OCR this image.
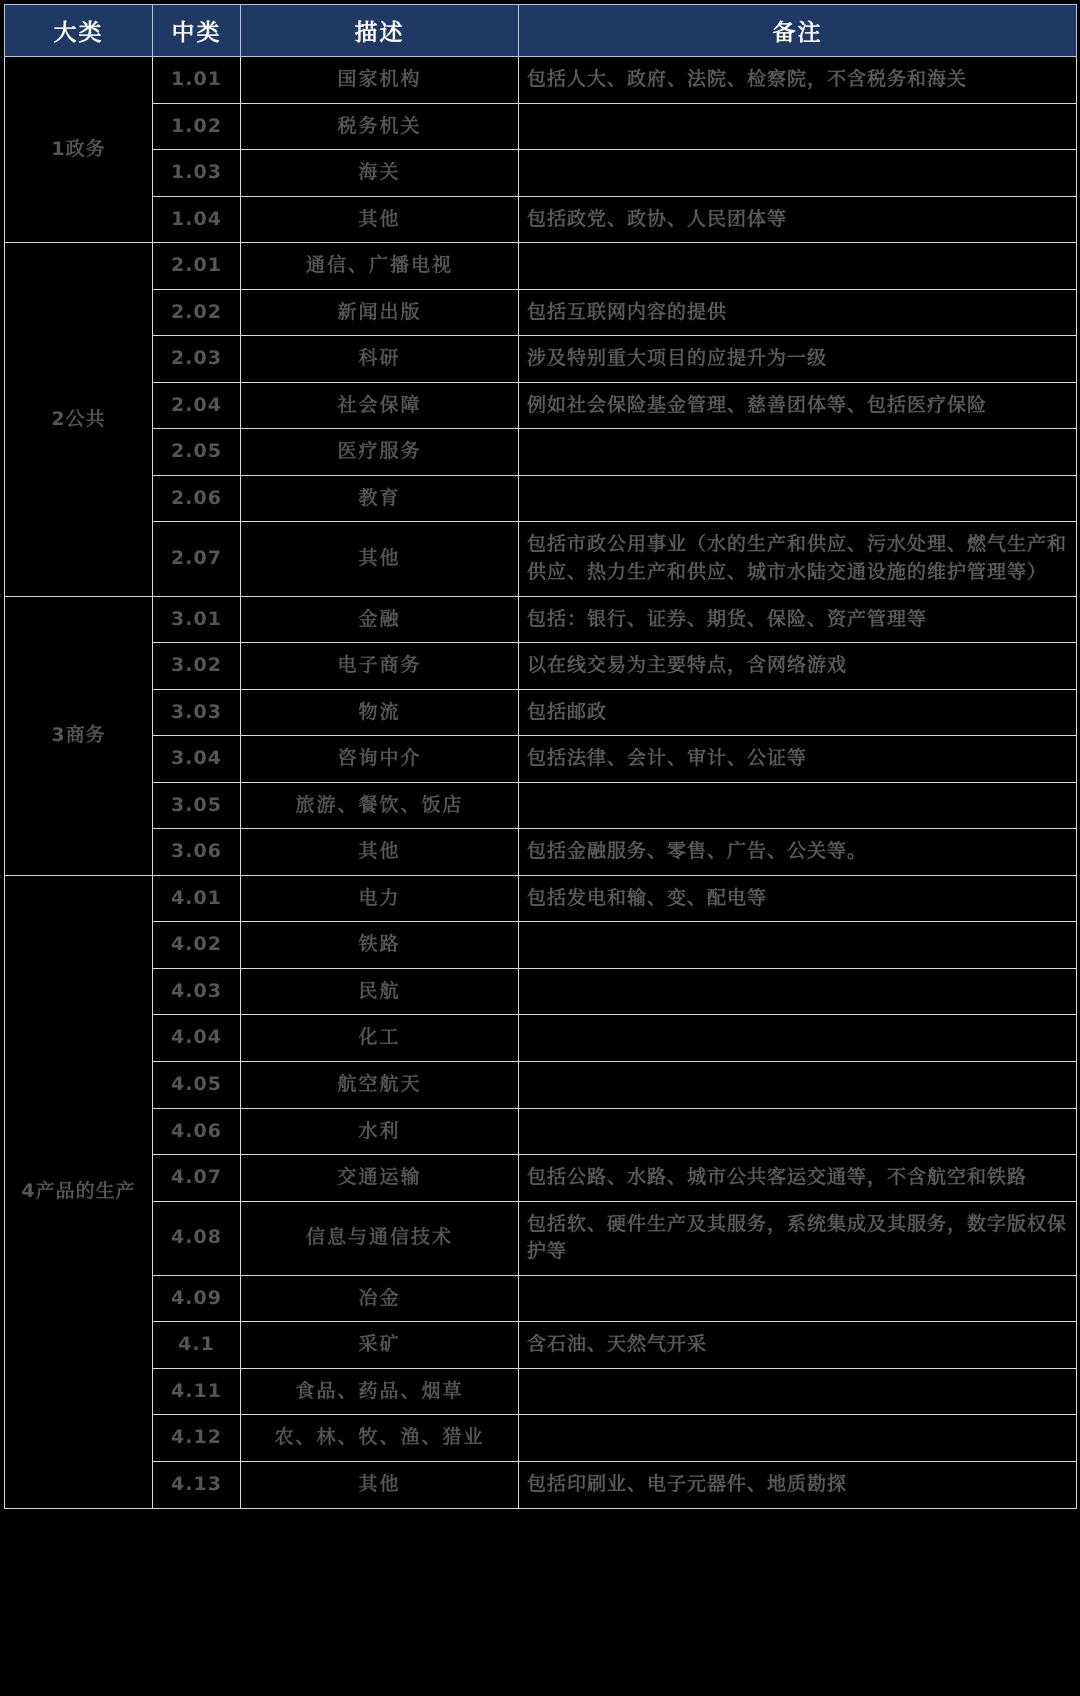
大类	中类	描述	备注
1政务	1.01	国家机构	包括人大、政府、法院、检察院，不含税务和海关
	1.02	税务机关	
	1.03	海关	
	1.04	其他	包括政党、政协、人民团体等
2公共	2.01	通信、广播电视	
	2.02	新闻出版	包括互联网内容的提供
	2.03	科研	涉及特别重大项目的应提升为一级
	2.04	社会保障	例如社会保险基金管理、慈善团体等、包括医疗保险
	2.05	医疗服务	
	2.06	教育	
	2.07	其他	包括市政公用事业（水的生产和供应、污水处理、燃气生产和供应、热力生产和供应、城市水陆交通设施的维护管理等）
3商务	3.01	金融	包括：银行、证券、期货、保险、资产管理等
	3.02	电子商务	以在线交易为主要特点，含网络游戏
	3.03	物流	包括邮政
	3.04	咨询中介	包括法律、会计、审计、公证等
	3.05	旅游、餐饮、饭店	
	3.06	其他	包括金融服务、零售、广告、公关等。
4产品的生产	4.01	电力	包括发电和输、变、配电等
	4.02	铁路	
	4.03	民航	
	4.04	化工	
	4.05	航空航天	
	4.06	水利	
	4.07	交通运输	包括公路、水路、城市公共客运交通等，不含航空和铁路
	4.08	信息与通信技术	包括软、硬件生产及其服务，系统集成及其服务，数字版权保护等
	4.09	冶金	
	4.1	采矿	含石油、天然气开采
	4.11	食品、药品、烟草	
	4.12	农、林、牧、渔、猎业	
	4.13	其他	包括印刷业、电子元器件、地质勘探
